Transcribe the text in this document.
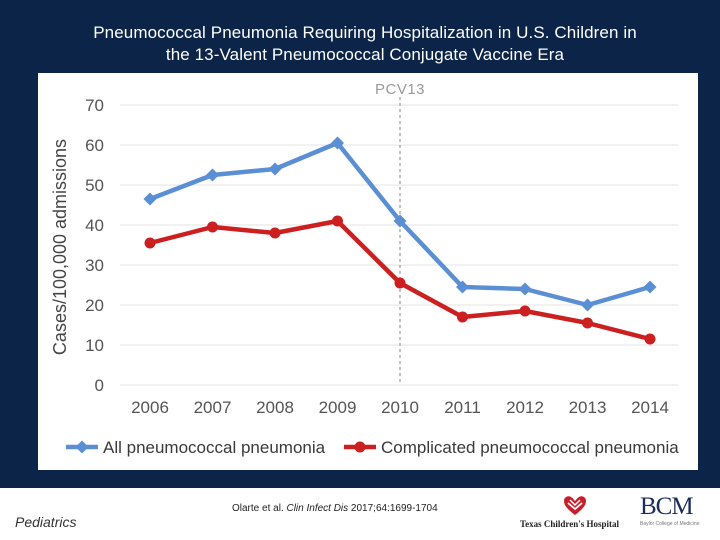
Pneumococcal Pneumonia Requiring Hospitalization in U.S. Children in
the 13-Valent Pneumococcal Conjugate Vaccine Era
PCV13
0
10
20
30
40
50
60
70
2006 2007 2008 2009 2010 2011 2012 2013 2014
Cases/100,000 admissions
All pneumococcal pneumonia	Complicated pneumococcal pneumonia
Pediatrics
Olarte et al. Clin Infect Dis 2017;64:1699-1704
Texas Children's Hospital
BCM
Baylor College of Medicine
